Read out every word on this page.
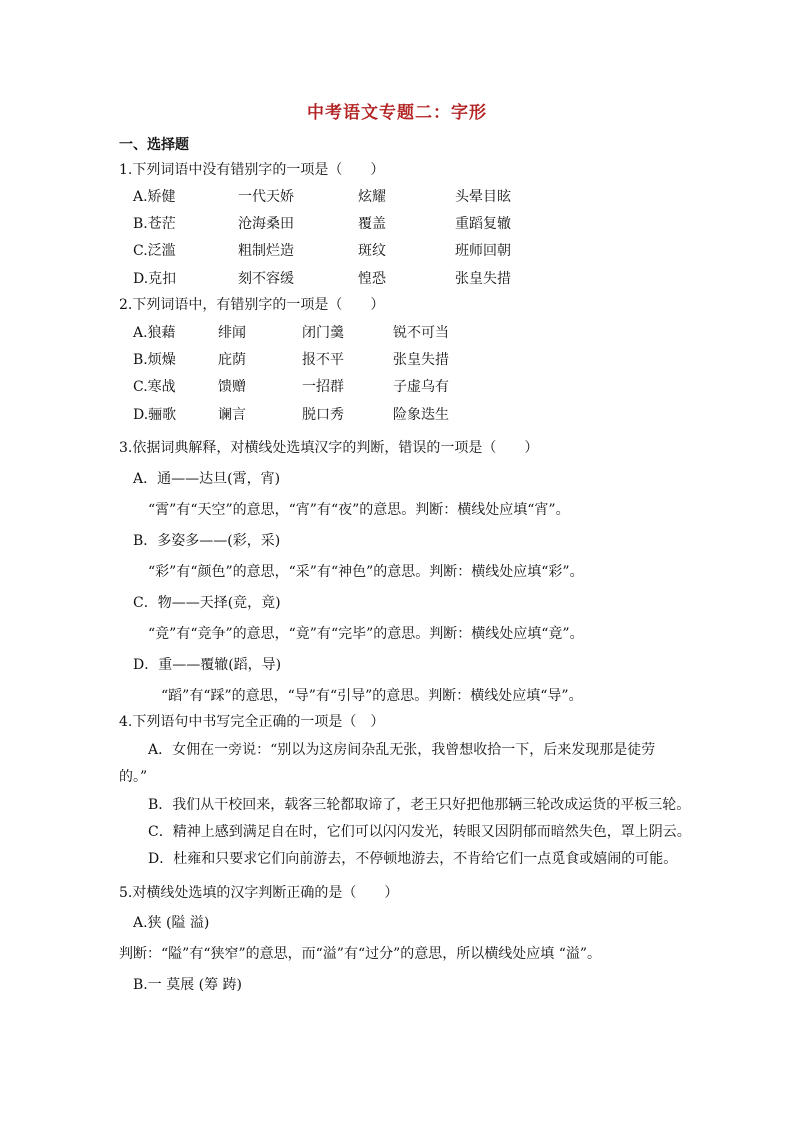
中考语文专题二：字形
一、选择题
1.下列词语中没有错别字的一项是（　　）
A.矫健	一代天娇	炫耀	头晕目眩
B.苍茫	沧海桑田	覆盖	重蹈复辙
C.泛滥	粗制烂造	斑纹	班师回朝
D.克扣	刻不容缓	惶恐	张皇失措
2.下列词语中，有错别字的一项是（　　）
A.狼藉	绯闻	闭门羹	锐不可当
B.烦燥	庇荫	报不平	张皇失措
C.寒战	馈赠	一招群	子虚乌有
D.骊歌	谰言	脱口秀	险象迭生
3.依据词典解释，对横线处选填汉字的判断，错误的一项是（　　）
A．通——达旦(霄，宵)
“霄”有“天空”的意思，“宵”有“夜”的意思。判断：横线处应填“宵”。
B．多姿多——(彩，采)
“彩”有“颜色”的意思，“采”有“神色”的意思。判断：横线处应填“彩”。
C．物——天择(竞，竟)
“竞”有“竞争”的意思，“竟”有“完毕”的意思。判断：横线处应填“竟”。
D．重——覆辙(蹈，导)
“蹈”有“踩”的意思，“导”有“引导”的意思。判断：横线处应填“导”。
4.下列语句中书写完全正确的一项是（　）
A．女佣在一旁说：“别以为这房间杂乱无张，我曾想收拾一下，后来发现那是徒劳
的。”
B．我们从干校回来，载客三轮都取谛了，老王只好把他那辆三轮改成运货的平板三轮。
C．精神上感到满足自在时，它们可以闪闪发光，转眼又因阴郁而暗然失色，罩上阴云。
D．杜雍和只要求它们向前游去，不停顿地游去，不肯给它们一点觅食或嬉闹的可能。
5.对横线处选填的汉字判断正确的是（　　）
A.狭 (隘 溢)
判断：“隘”有“狭窄”的意思，而“溢”有“过分”的意思，所以横线处应填 “溢”。
B.一 莫展 (筹 踌)
